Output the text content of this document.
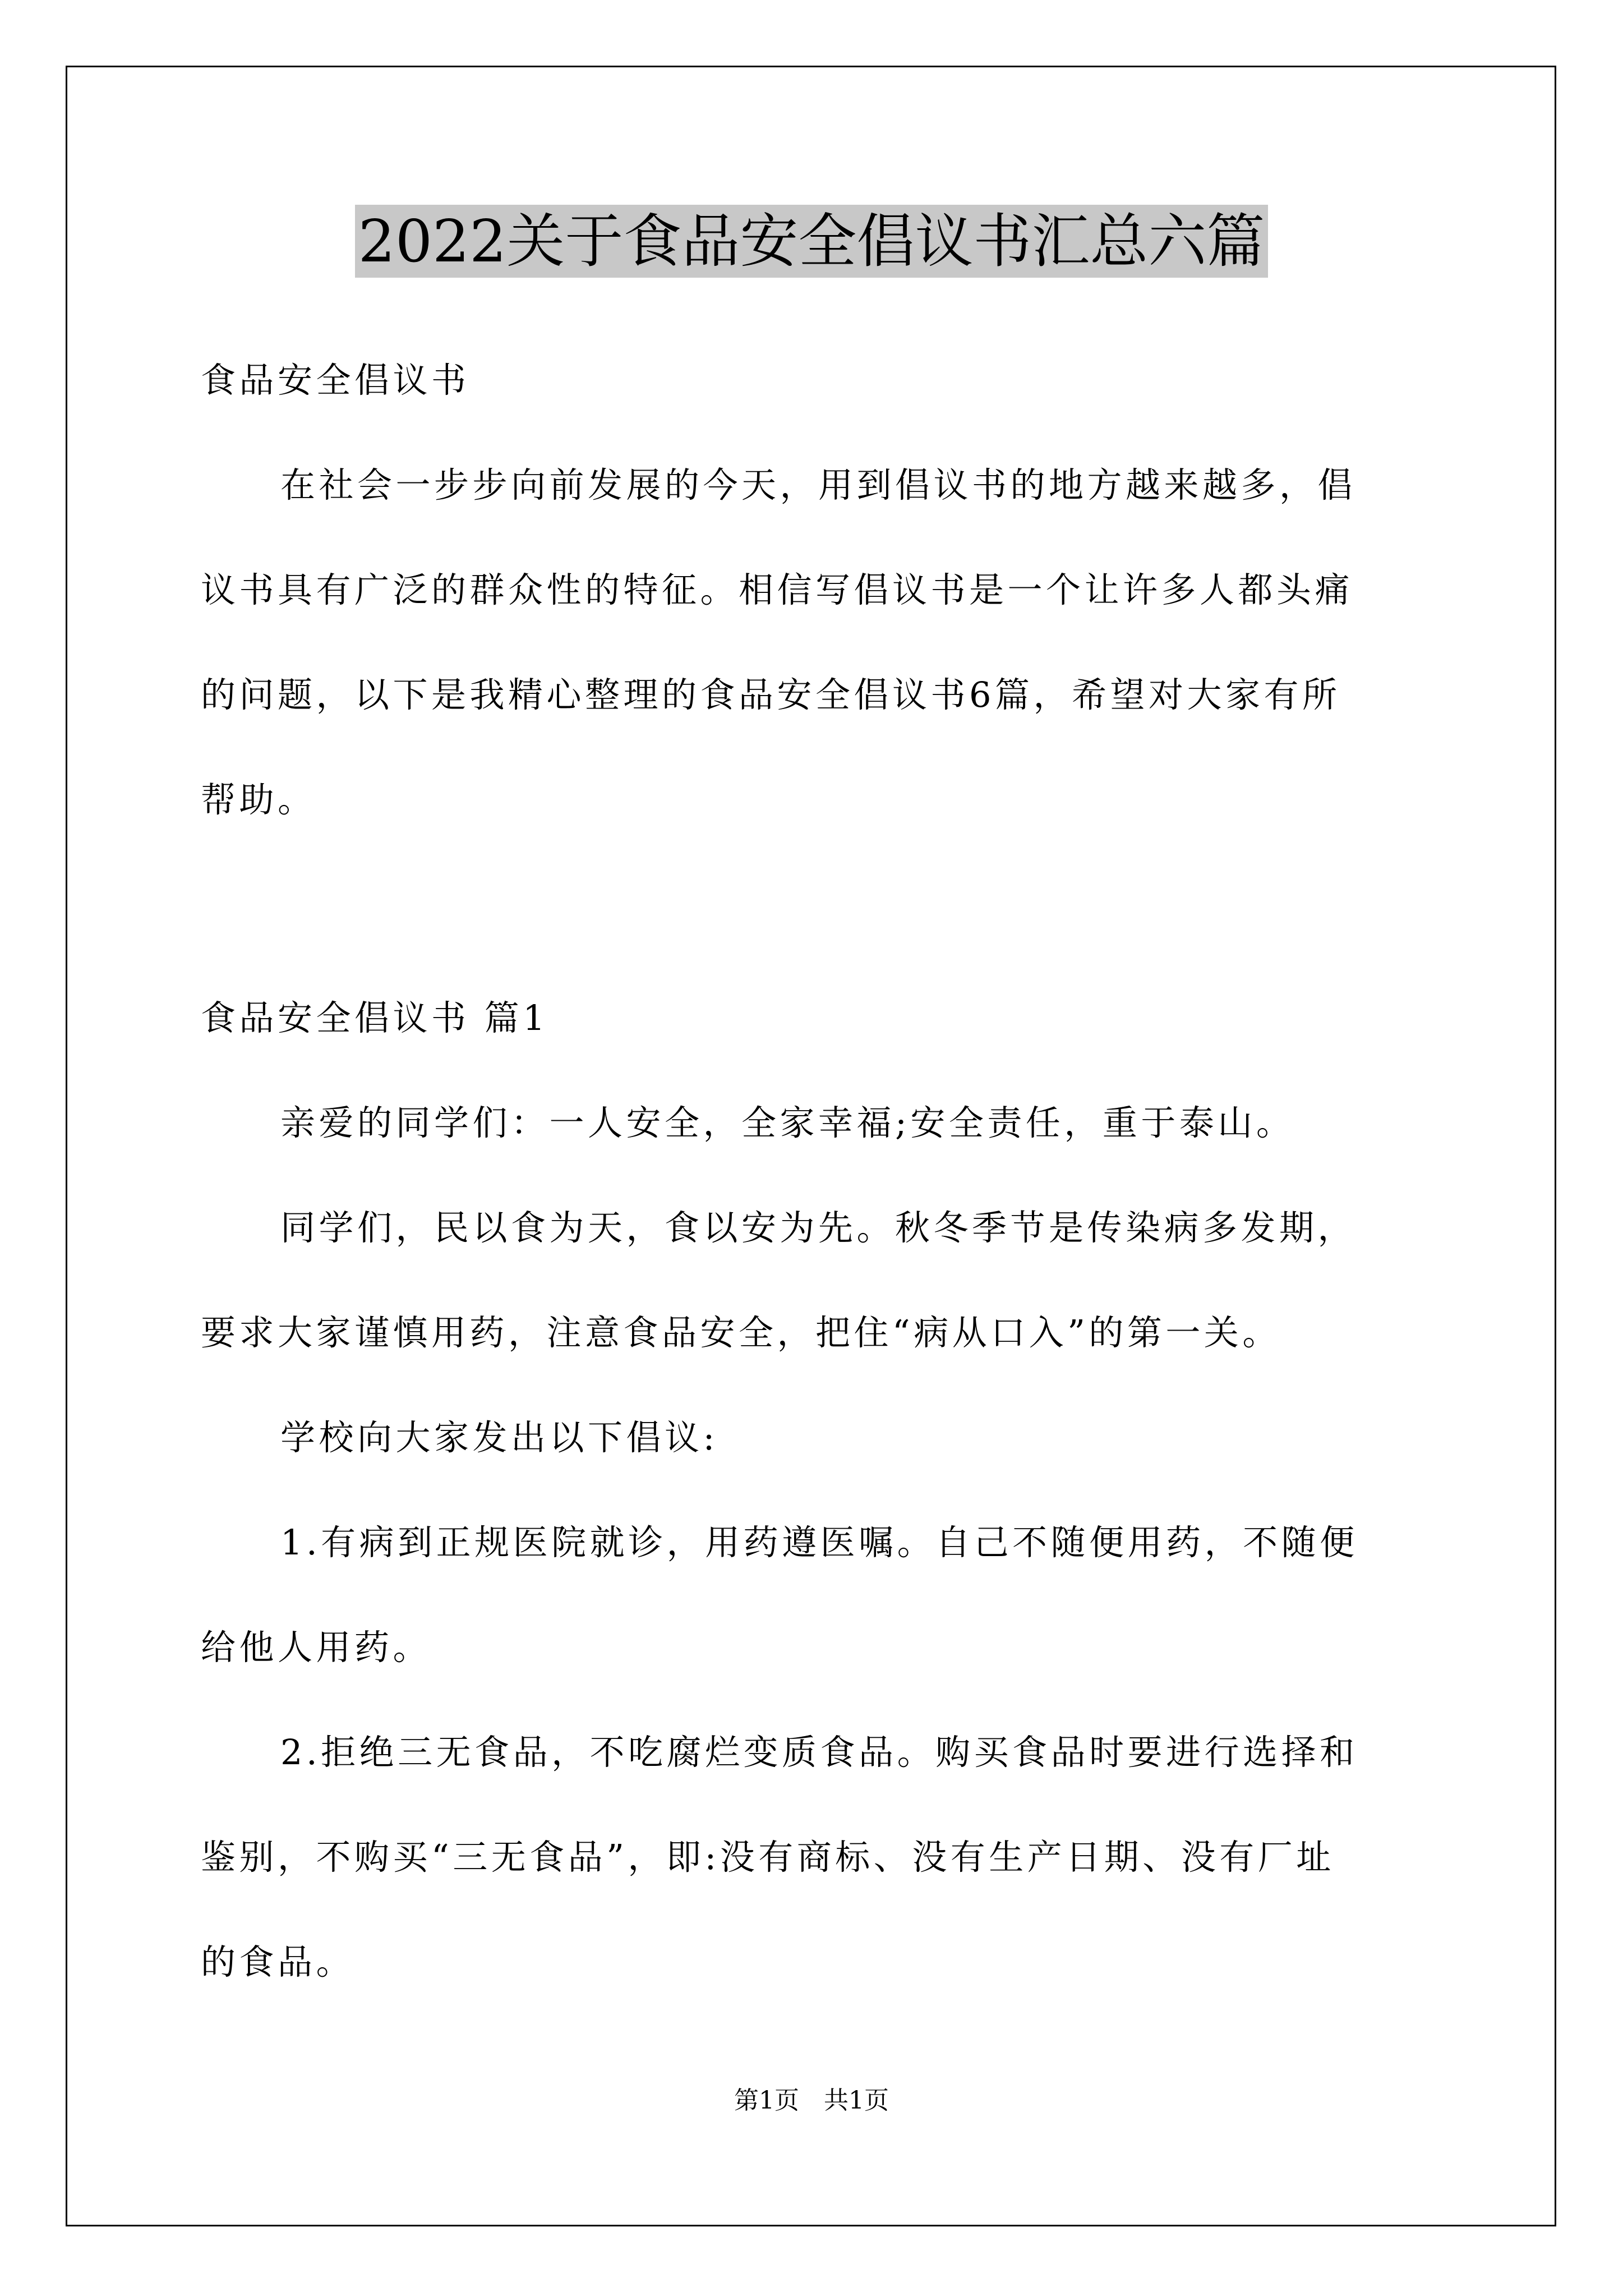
2022关于食品安全倡议书汇总六篇
食品安全倡议书
在社会一步步向前发展的今天，用到倡议书的地方越来越多，倡
议书具有广泛的群众性的特征。相信写倡议书是一个让许多人都头痛
的问题，以下是我精心整理的食品安全倡议书6篇，希望对大家有所
帮助。
食品安全倡议书 篇1
亲爱的同学们：一人安全，全家幸福;安全责任，重于泰山。
同学们，民以食为天，食以安为先。秋冬季节是传染病多发期，
要求大家谨慎用药，注意食品安全，把住“病从口入”的第一关。
学校向大家发出以下倡议:
1.有病到正规医院就诊，用药遵医嘱。自己不随便用药，不随便
给他人用药。
2.拒绝三无食品，不吃腐烂变质食品。购买食品时要进行选择和
鉴别，不购买“三无食品”，即:没有商标、没有生产日期、没有厂址
的食品。
第1页　共1页
